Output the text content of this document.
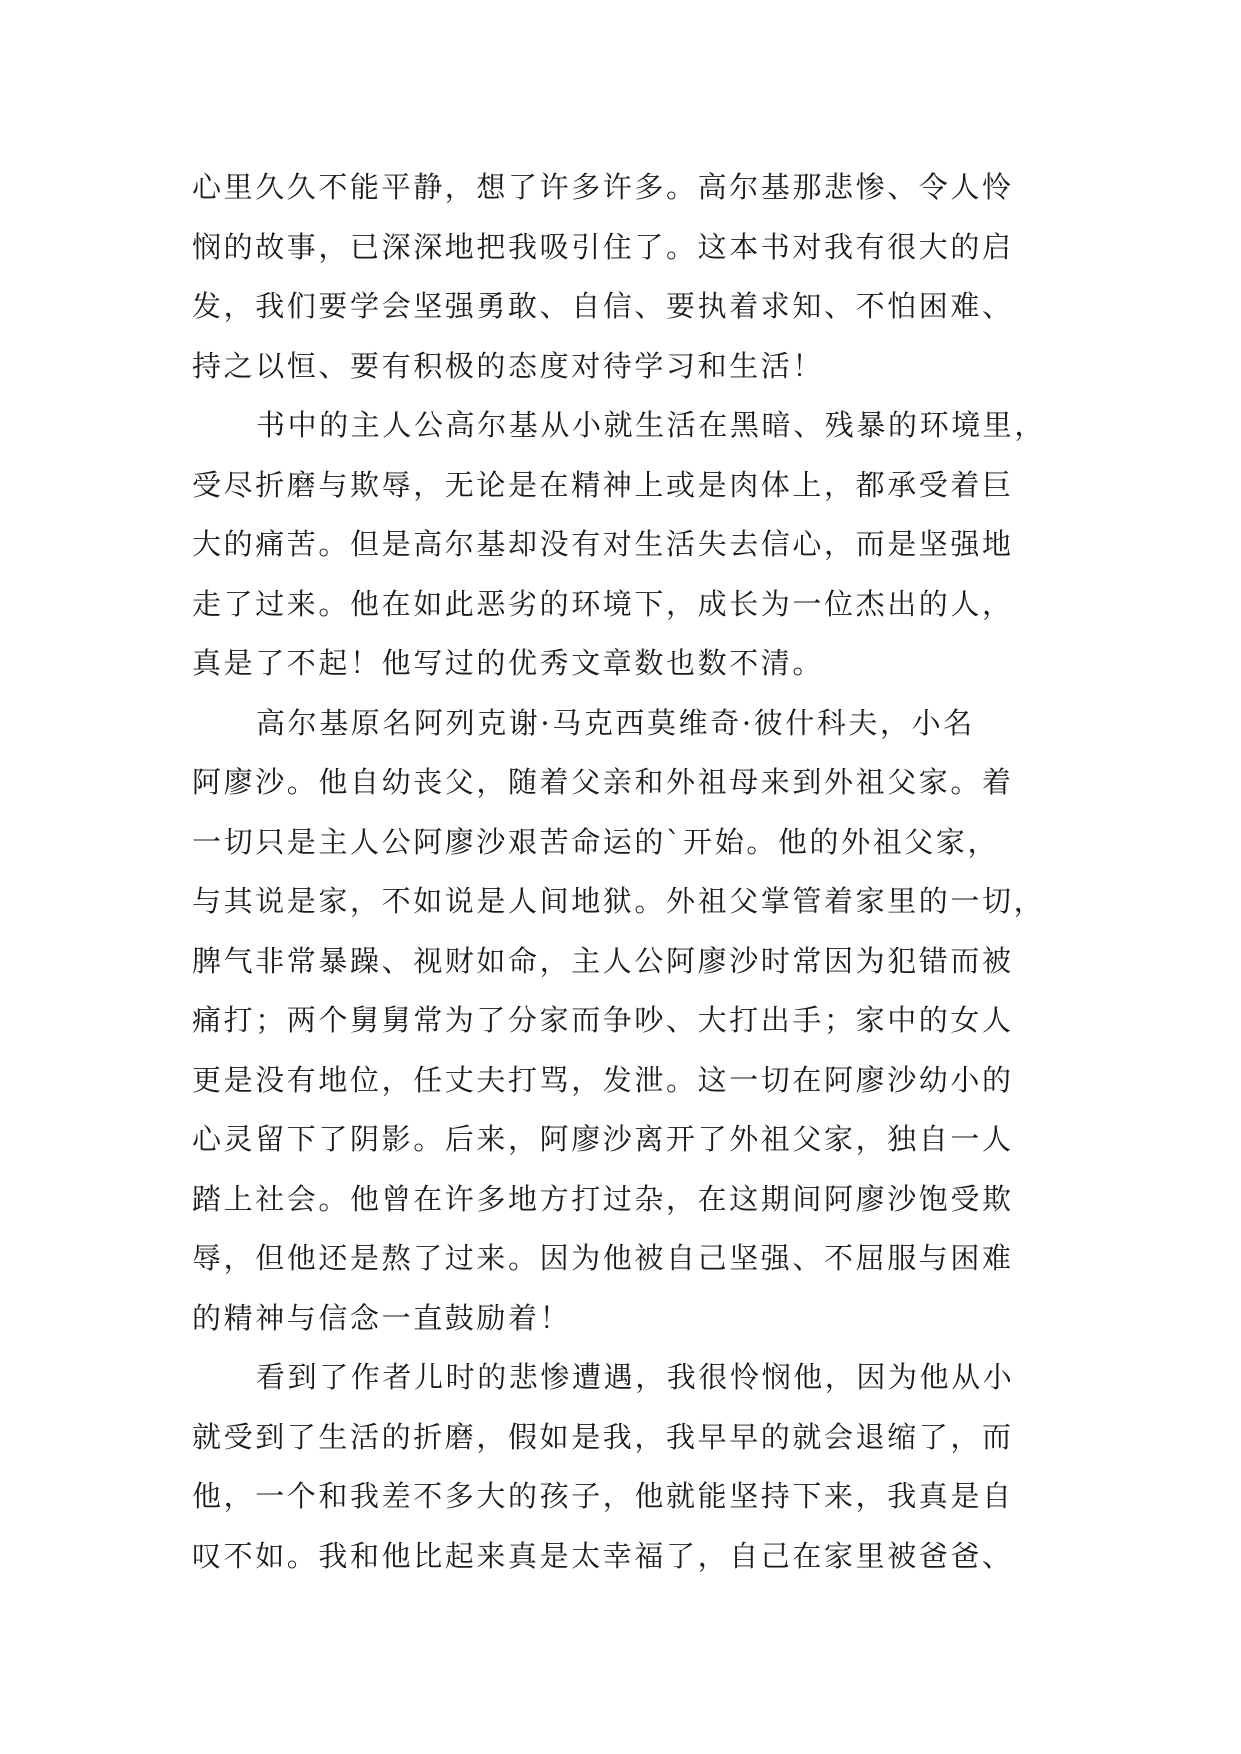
心里久久不能平静，想了许多许多。高尔基那悲惨、令人怜
悯的故事，已深深地把我吸引住了。这本书对我有很大的启
发，我们要学会坚强勇敢、自信、要执着求知、不怕困难、
持之以恒、要有积极的态度对待学习和生活！
书中的主人公高尔基从小就生活在黑暗、残暴的环境里，
受尽折磨与欺辱，无论是在精神上或是肉体上，都承受着巨
大的痛苦。但是高尔基却没有对生活失去信心，而是坚强地
走了过来。他在如此恶劣的环境下，成长为一位杰出的人，
真是了不起！他写过的优秀文章数也数不清。
高尔基原名阿列克谢·马克西莫维奇·彼什科夫，小名
阿廖沙。他自幼丧父，随着父亲和外祖母来到外祖父家。着
一切只是主人公阿廖沙艰苦命运的`开始。他的外祖父家，
与其说是家，不如说是人间地狱。外祖父掌管着家里的一切，
脾气非常暴躁、视财如命，主人公阿廖沙时常因为犯错而被
痛打；两个舅舅常为了分家而争吵、大打出手；家中的女人
更是没有地位，任丈夫打骂，发泄。这一切在阿廖沙幼小的
心灵留下了阴影。后来，阿廖沙离开了外祖父家，独自一人
踏上社会。他曾在许多地方打过杂，在这期间阿廖沙饱受欺
辱，但他还是熬了过来。因为他被自己坚强、不屈服与困难
的精神与信念一直鼓励着！
看到了作者儿时的悲惨遭遇，我很怜悯他，因为他从小
就受到了生活的折磨，假如是我，我早早的就会退缩了，而
他，一个和我差不多大的孩子，他就能坚持下来，我真是自
叹不如。我和他比起来真是太幸福了，自己在家里被爸爸、
